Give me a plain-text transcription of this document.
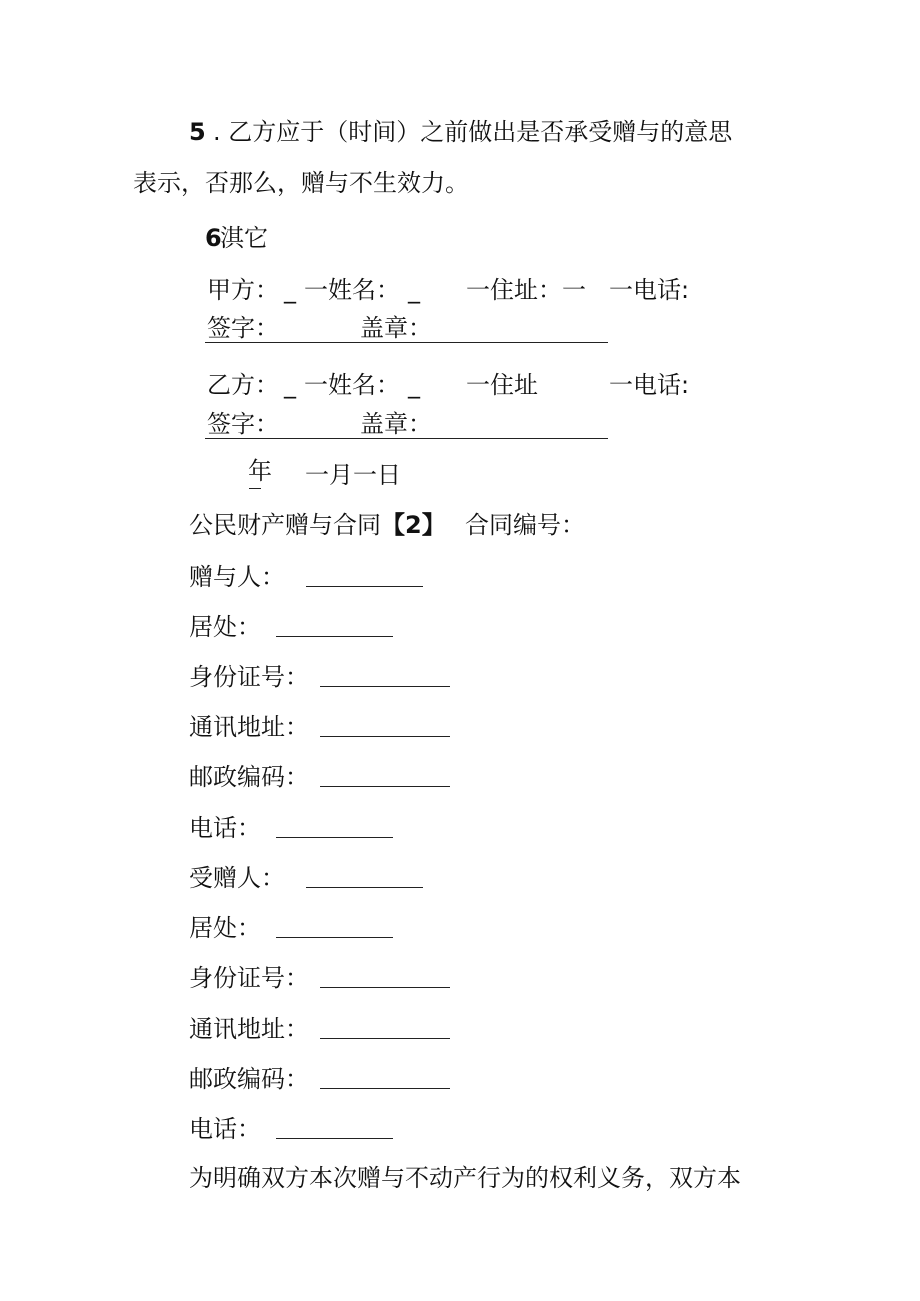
5 . 乙方应于（时间）之前做出是否承受赠与的意思
表示，否那么，赠与不生效力。
6
淇它
甲方： _ 一姓名： _ 一住址：一 一电话:
签字：	盖章：
乙方： _ 一姓名： _ 一住址	一电话:
签字：	盖章：
年 一月一日
公民财产赠与合同 【2】 合同编号：
赠与人：
居处：
身份证号：
通讯地址：
邮政编码：
电话：
受赠人：
居处：
身份证号：
通讯地址：
邮政编码：
电话：
为明确双方本次赠与不动产行为的权利义务，双方本
